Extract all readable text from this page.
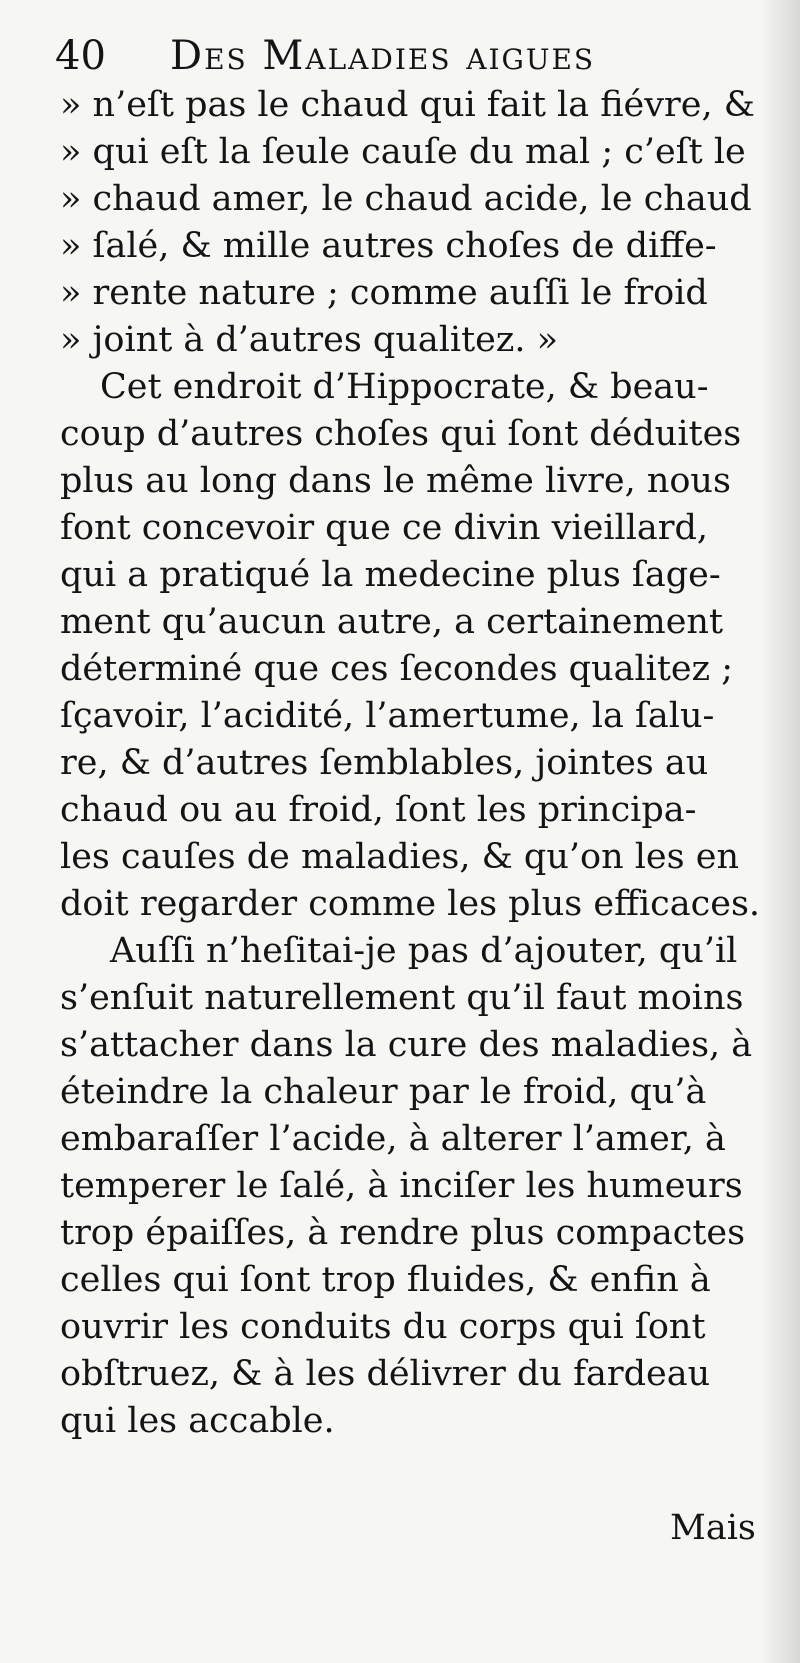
40 Des Maladies aigues
» n’eſt pas le chaud qui fait la fiévre, &
» qui eſt la ſeule cauſe du mal ; c’eſt le
» chaud amer, le chaud acide, le chaud
» ſalé, & mille autres choſes de diffe-
» rente nature ; comme auſſi le froid
» joint à d’autres qualitez. »
Cet endroit d’Hippocrate, & beau-
coup d’autres choſes qui ſont déduites
plus au long dans le même livre, nous
font concevoir que ce divin vieillard,
qui a pratiqué la medecine plus ſage-
ment qu’aucun autre, a certainement
déterminé que ces ſecondes qualitez ;
ſçavoir, l’acidité, l’amertume, la ſalu-
re, & d’autres ſemblables, jointes au
chaud ou au froid, ſont les principa-
les cauſes de maladies, & qu’on les en
doit regarder comme les plus efficaces.
Auſſi n’heſitai-je pas d’ajouter, qu’il
s’enſuit naturellement qu’il faut moins
s’attacher dans la cure des maladies, à
éteindre la chaleur par le froid, qu’à
embaraſſer l’acide, à alterer l’amer, à
temperer le ſalé, à inciſer les humeurs
trop épaiſſes, à rendre plus compactes
celles qui ſont trop fluides, & enfin à
ouvrir les conduits du corps qui ſont
obſtruez, & à les délivrer du fardeau
qui les accable.
Mais
